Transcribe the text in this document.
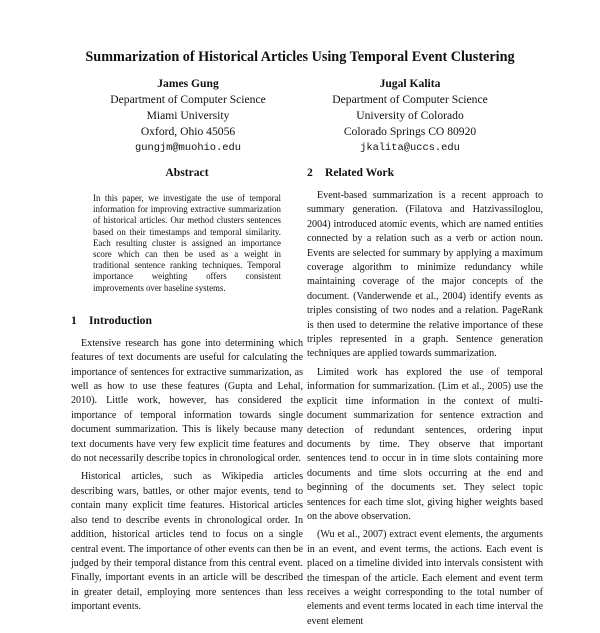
Summarization of Historical Articles Using Temporal Event Clustering
James Gung
Department of Computer Science
Miami University
Oxford, Ohio 45056
gungjm@muohio.edu
Jugal Kalita
Department of Computer Science
University of Colorado
Colorado Springs CO 80920
jkalita@uccs.edu
Abstract
In this paper, we investigate the use of temporal information for improving extractive summarization of historical articles. Our method clusters sentences based on their timestamps and temporal similarity. Each resulting cluster is assigned an importance score which can then be used as a weight in traditional sentence ranking techniques. Temporal importance weighting offers consistent improvements over baseline systems.
1 Introduction
Extensive research has gone into determining which features of text documents are useful for calculating the importance of sentences for extractive summarization, as well as how to use these features (Gupta and Lehal, 2010). Little work, however, has considered the importance of temporal information towards single document summarization. This is likely because many text documents have very few explicit time features and do not necessarily describe topics in chronological order.
Historical articles, such as Wikipedia articles describing wars, battles, or other major events, tend to contain many explicit time features. Historical articles also tend to describe events in chronological order. In addition, historical articles tend to focus on a single central event. The importance of other events can then be judged by their temporal distance from this central event. Finally, important events in an article will be described in greater detail, employing more sentences than less important events.
2 Related Work
Event-based summarization is a recent approach to summary generation. (Filatova and Hatzivassiloglou, 2004) introduced atomic events, which are named entities connected by a relation such as a verb or action noun. Events are selected for summary by applying a maximum coverage algorithm to minimize redundancy while maintaining coverage of the major concepts of the document. (Vanderwende et al., 2004) identify events as triples consisting of two nodes and a relation. PageRank is then used to determine the relative importance of these triples represented in a graph. Sentence generation techniques are applied towards summarization.
Limited work has explored the use of temporal information for summarization. (Lim et al., 2005) use the explicit time information in the context of multi-document summarization for sentence extraction and detection of redundant sentences, ordering input documents by time. They observe that important sentences tend to occur in in time slots containing more documents and time slots occurring at the end and beginning of the documents set. They select topic sentences for each time slot, giving higher weights based on the above observation.
(Wu et al., 2007) extract event elements, the arguments in an event, and event terms, the actions. Each event is placed on a timeline divided into intervals consistent with the timespan of the article. Each element and event term receives a weight corresponding to the total number of elements and event terms located in each time interval the event element
